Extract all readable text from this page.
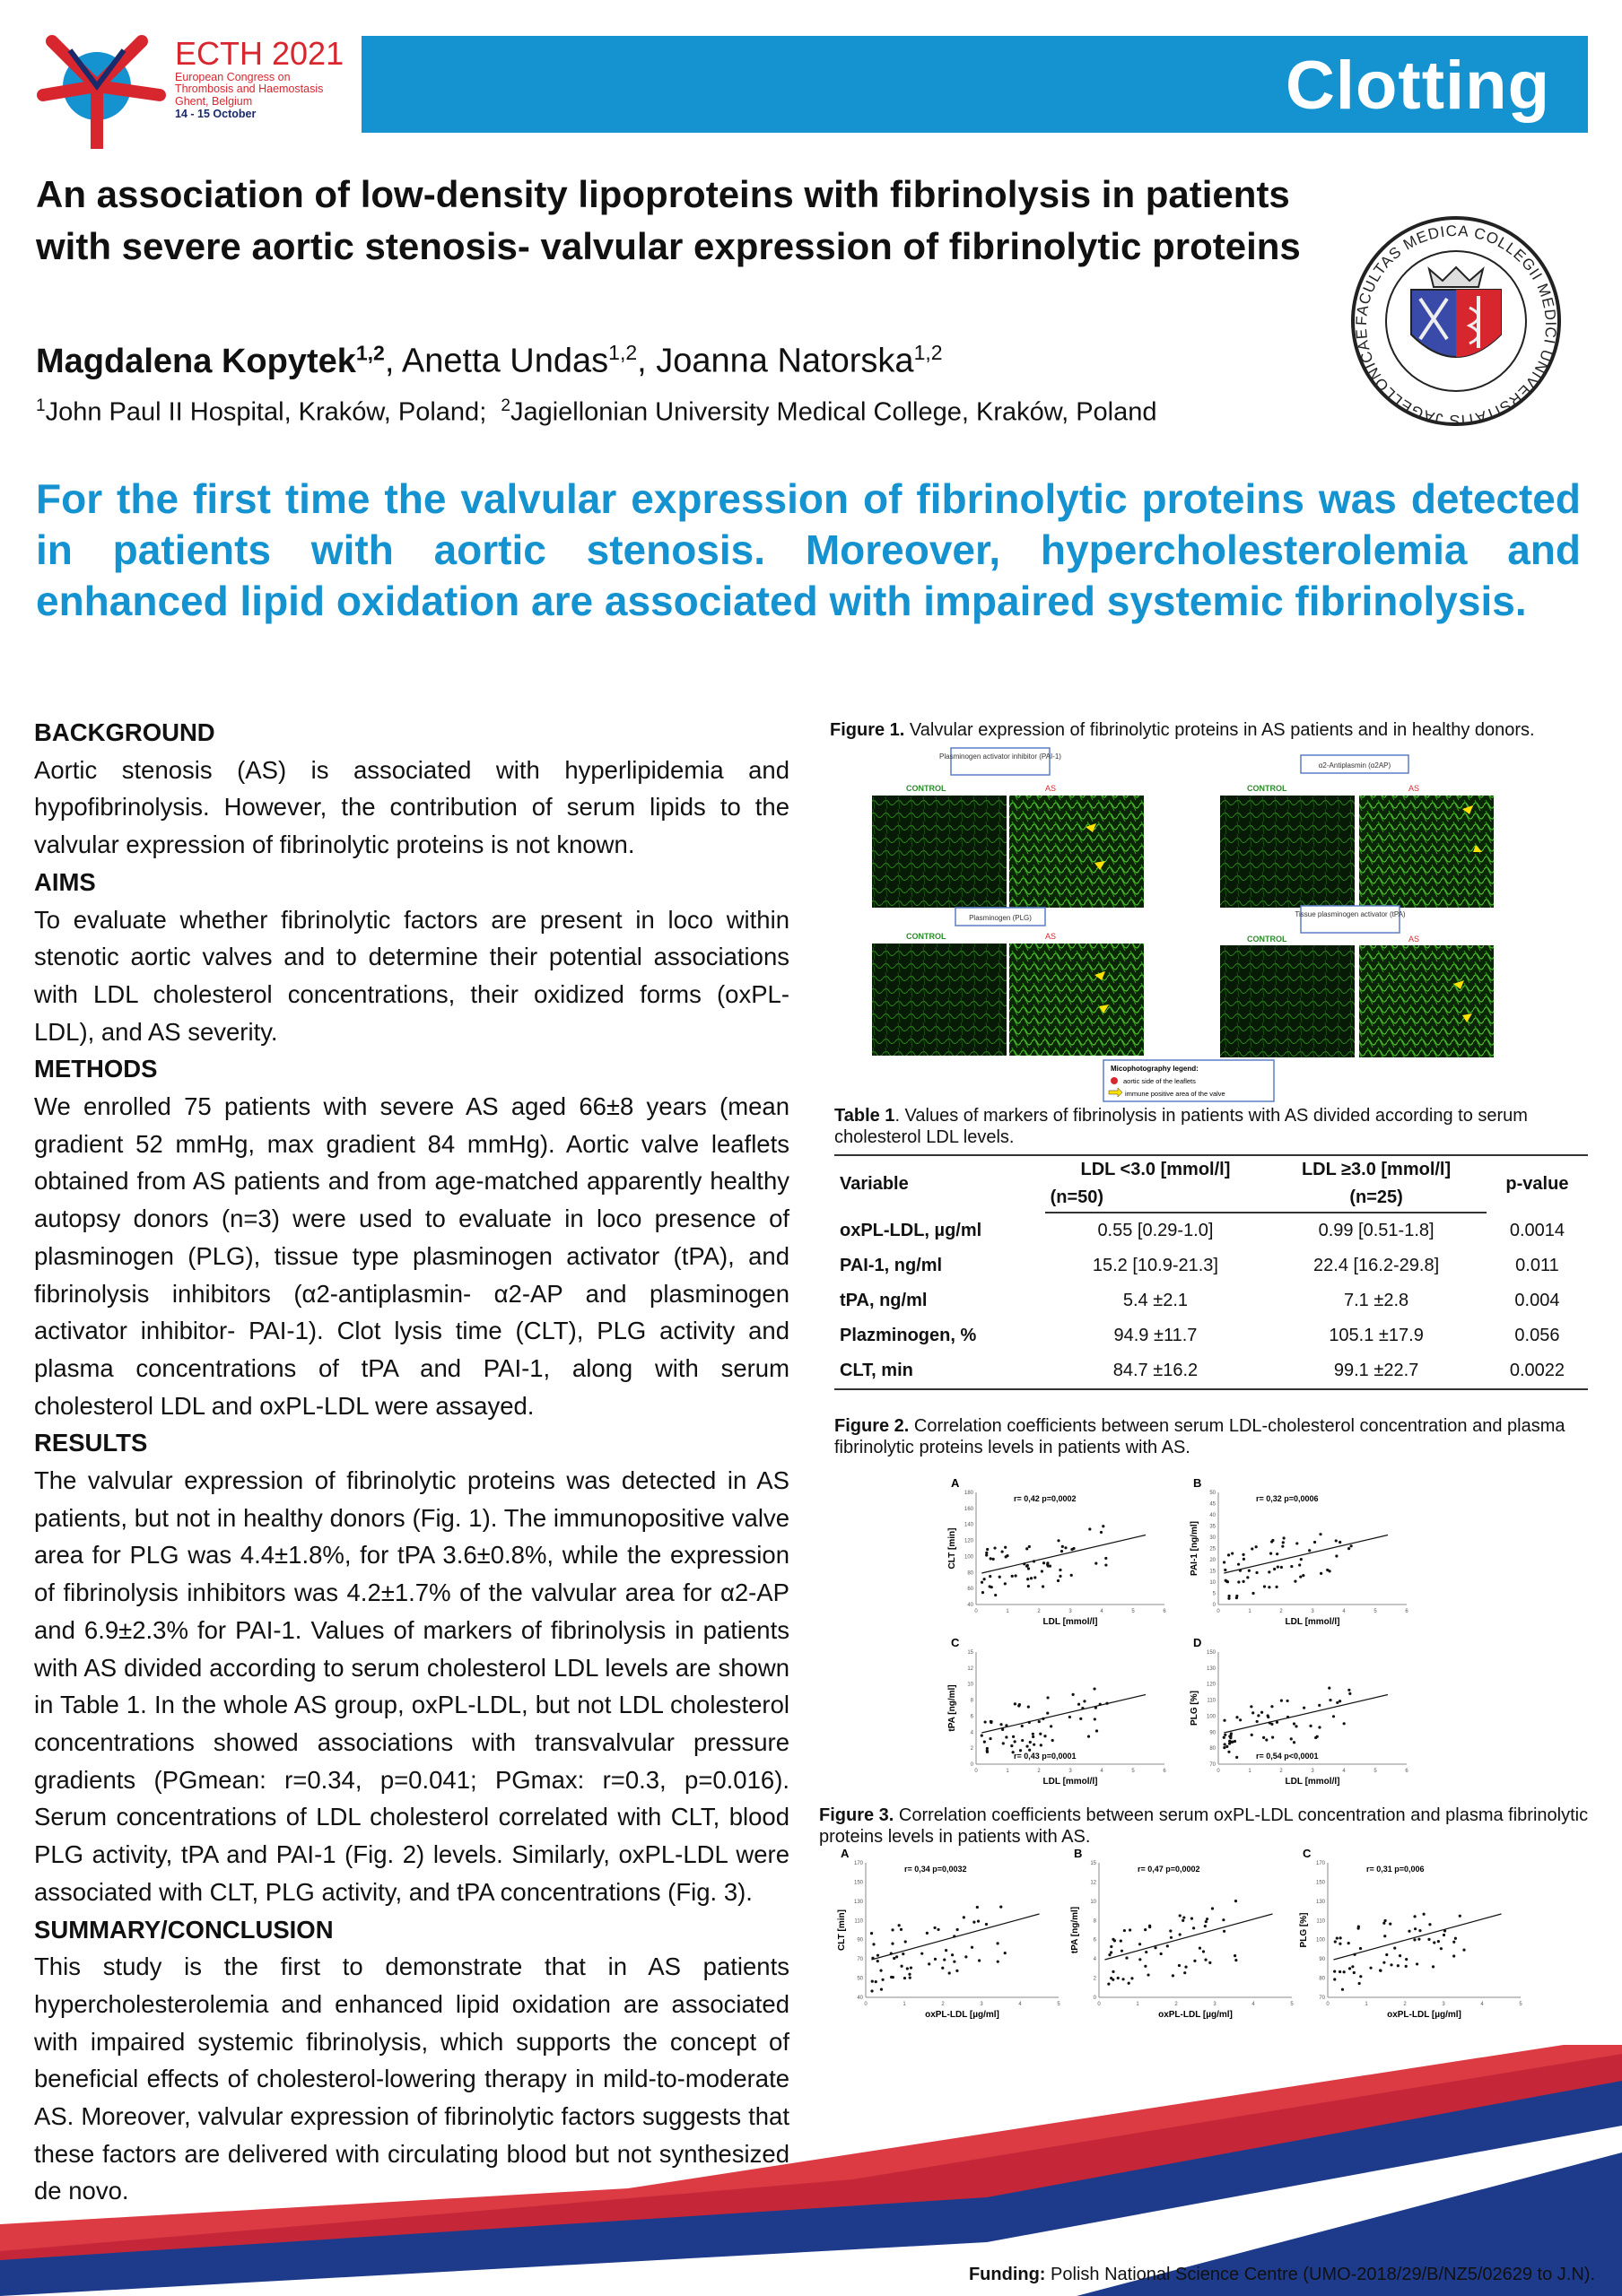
ECTH 2021
European Congress on
Thrombosis and Haemostasis
Ghent, Belgium
14 - 15 October	Clotting
An association of low-density lipoproteins with fibrinolysis in patients with severe aortic stenosis- valvular expression of fibrinolytic proteins
Magdalena Kopytek$^{1,2}$, Anetta Undas$^{1,2}$, Joanna Natorska$^{1,2}$
$^1$John Paul II Hospital, Kraków, Poland; $^2$Jagiellonian University Medical College, Kraków, Poland
FACULTAS MEDICA COLLEGII MEDICI UNIVERSITATIS JAGELLONICAE
For the first time the valvular expression of fibrinolytic proteins was detected in patients with aortic stenosis. Moreover, hypercholesterolemia and enhanced lipid oxidation are associated with impaired systemic fibrinolysis.
BACKGROUND

Aortic stenosis (AS) is associated with hyperlipidemia and hypofibrinolysis. However, the contribution of serum lipids to the valvular expression of fibrinolytic proteins is not known.

AIMS

To evaluate whether fibrinolytic factors are present in loco within stenotic aortic valves and to determine their potential associations with LDL cholesterol concentrations, their oxidized forms (oxPL-LDL), and AS severity.

METHODS

We enrolled 75 patients with severe AS aged 66±8 years (mean gradient 52 mmHg, max gradient 84 mmHg). Aortic valve leaflets obtained from AS patients and from age-matched apparently healthy autopsy donors (n=3) were used to evaluate in loco presence of plasminogen (PLG), tissue type plasminogen activator (tPA), and fibrinolysis inhibitors (α2-antiplasmin- α2-AP and plasminogen activator inhibitor- PAI-1). Clot lysis time (CLT), PLG activity and plasma concentrations of tPA and PAI-1, along with serum cholesterol LDL and oxPL-LDL were assayed.

RESULTS

The valvular expression of fibrinolytic proteins was detected in AS patients, but not in healthy donors (Fig. 1). The immunopositive valve area for PLG was 4.4±1.8%, for tPA 3.6±0.8%, while the expression of fibrinolysis inhibitors was 4.2±1.7% of the valvular area for α2-AP and 6.9±2.3% for PAI-1. Values of markers of fibrinolysis in patients with AS divided according to serum cholesterol LDL levels are shown in Table 1. In the whole AS group, oxPL-LDL, but not LDL cholesterol concentrations showed associations with transvalvular pressure gradients (PGmean: r=0.34, p=0.041; PGmax: r=0.3, p=0.016). Serum concentrations of LDL cholesterol correlated with CLT, blood PLG activity, tPA and PAI-1 (Fig. 2) levels. Similarly, oxPL-LDL were associated with CLT, PLG activity, and tPA concentrations (Fig. 3).

SUMMARY/CONCLUSION

This study is the first to demonstrate that in AS patients hypercholesterolemia and enhanced lipid oxidation are associated with impaired systemic fibrinolysis, which supports the concept of beneficial effects of cholesterol-lowering therapy in mild-to-moderate AS. Moreover, valvular expression of fibrinolytic factors suggests that these factors are delivered with circulating blood but not synthesized de novo.

Figure 1. Valvular expression of fibrinolytic proteins in AS patients and in healthy donors.
Plasminogen activator inhibitor (PAI-1)
CONTROL	AS
α2-Antiplasmin (α2AP)
CONTROL	AS
Plasminogen (PLG)
CONTROL	AS
Tissue plasminogen activator (tPA)
CONTROL	AS
Micophotography legend:
aortic side of the leaflets
immune positive area of the valve
Table 1. Values of markers of fibrinolysis in patients with AS divided according to serum cholesterol LDL levels.
Variable	LDL <3.0 [mmol/l]	LDL ≥3.0 [mmol/l]	p-value
	(n=50)	(n=25)	
oxPL-LDL, µg/ml	0.55 [0.29-1.0]	0.99 [0.51-1.8]	0.0014
PAI-1, ng/ml	15.2 [10.9-21.3]	22.4 [16.2-29.8]	0.011
tPA, ng/ml	5.4 ±2.1	7.1 ±2.8	0.004
Plazminogen, %	94.9 ±11.7	105.1 ±17.9	0.056
CLT, min	84.7 ±16.2	99.1 ±22.7	0.0022
Figure 2. Correlation coefficients between serum LDL-cholesterol concentration and plasma fibrinolytic proteins levels in patients with AS.
A
CLT [min]
40
60
80
100
120
140
160
180
0	1	2	3	4	5	6
LDL [mmol/l]
r= 0,42 p=0,0002
B
PAI-1 [ng/ml]
0
5
10
15
20
25
30
35
40
45
50
0	1	2	3	4	5	6
LDL [mmol/l]
r= 0,32 p=0,0006
C
tPA [ng/ml]
0
2
4
6
8
10
12
15
0	1	2	3	4	5	6
LDL [mmol/l]
r= 0,43 p=0,0001
D
PLG [%]
70
80
90
100
110
120
130
150
0	1	2	3	4	5	6
LDL [mmol/l]
r= 0,54 p<0,0001
Figure 3. Correlation coefficients between serum oxPL-LDL concentration and plasma fibrinolytic proteins levels in patients with AS.
A
CLT [min]
40
50
70
90
110
130
150
170
0	1	2	3	4	5
oxPL-LDL [µg/ml]
r= 0,34 p=0,0032
B
tPA [ng/ml]
0
2
4
6
8
10
12
15
0	1	2	3	4	5
oxPL-LDL [µg/ml]
r= 0,47 p=0,0002
C
PLG [%]
70
80
90
100
110
130
150
170
0	1	2	3	4	5
oxPL-LDL [µg/ml]
r= 0,31 p=0,006
Funding: Polish National Science Centre (UMO-2018/29/B/NZ5/02629 to J.N).
